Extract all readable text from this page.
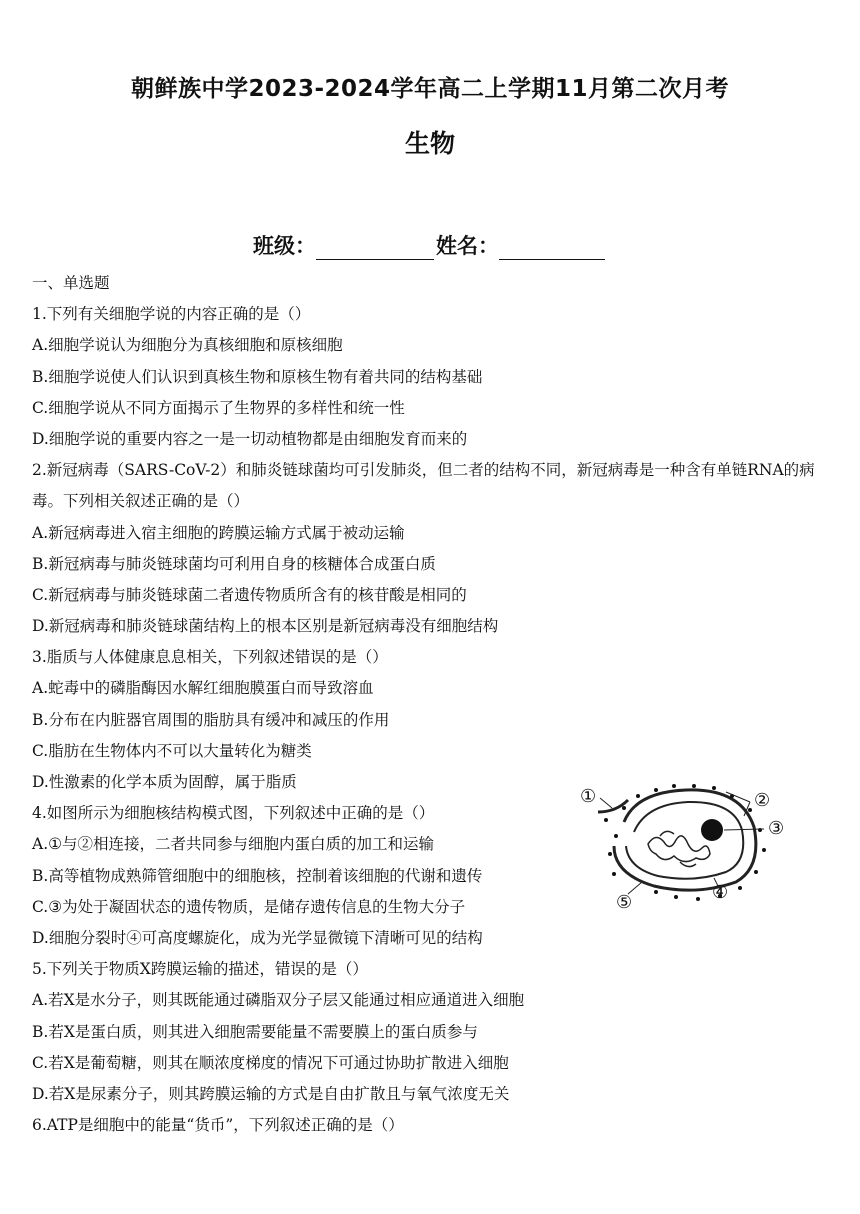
朝鲜族中学2023-2024学年高二上学期11月第二次月考
生物
班级：	姓名：
一、单选题
1.下列有关细胞学说的内容正确的是（）
A.细胞学说认为细胞分为真核细胞和原核细胞
B.细胞学说使人们认识到真核生物和原核生物有着共同的结构基础
C.细胞学说从不同方面揭示了生物界的多样性和统一性
D.细胞学说的重要内容之一是一切动植物都是由细胞发育而来的
2.新冠病毒（SARS-CoV-2）和肺炎链球菌均可引发肺炎，但二者的结构不同，新冠病毒是一种含有单链RNA的病毒。下列相关叙述正确的是（）
A.新冠病毒进入宿主细胞的跨膜运输方式属于被动运输
B.新冠病毒与肺炎链球菌均可利用自身的核糖体合成蛋白质
C.新冠病毒与肺炎链球菌二者遗传物质所含有的核苷酸是相同的
D.新冠病毒和肺炎链球菌结构上的根本区别是新冠病毒没有细胞结构
3.脂质与人体健康息息相关，下列叙述错误的是（）
A.蛇毒中的磷脂酶因水解红细胞膜蛋白而导致溶血
B.分布在内脏器官周围的脂肪具有缓冲和减压的作用
C.脂肪在生物体内不可以大量转化为糖类
D.性激素的化学本质为固醇，属于脂质
4.如图所示为细胞核结构模式图，下列叙述中正确的是（）
A.①与②相连接，二者共同参与细胞内蛋白质的加工和运输
B.高等植物成熟筛管细胞中的细胞核，控制着该细胞的代谢和遗传
C.③为处于凝固状态的遗传物质，是储存遗传信息的生物大分子
D.细胞分裂时④可高度螺旋化，成为光学显微镜下清晰可见的结构
5.下列关于物质X跨膜运输的描述，错误的是（）
A.若X是水分子，则其既能通过磷脂双分子层又能通过相应通道进入细胞
B.若X是蛋白质，则其进入细胞需要能量不需要膜上的蛋白质参与
C.若X是葡萄糖，则其在顺浓度梯度的情况下可通过协助扩散进入细胞
D.若X是尿素分子，则其跨膜运输的方式是自由扩散且与氧气浓度无关
6.ATP是细胞中的能量“货币”，下列叙述正确的是（）
①	②
③
④
⑤
